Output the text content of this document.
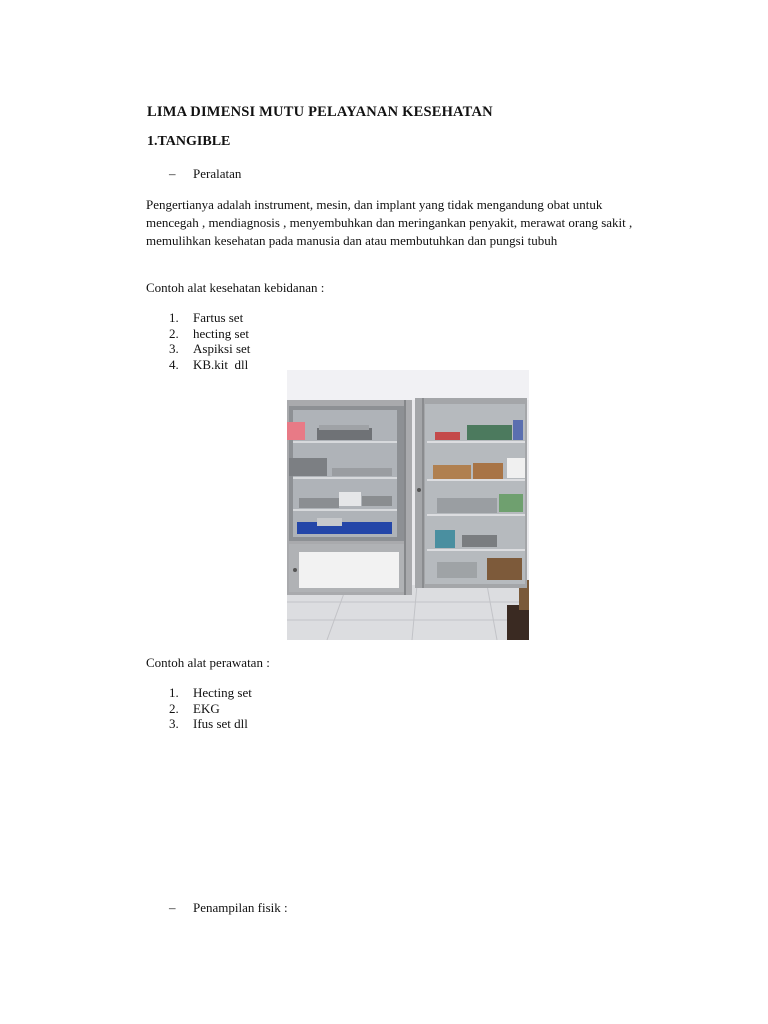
LIMA DIMENSI MUTU PELAYANAN KESEHATAN
1.TANGIBLE
– Peralatan
Pengertianya adalah instrument, mesin, dan implant yang tidak mengandung obat untuk mencegah , mendiagnosis , menyembuhkan dan meringankan penyakit, merawat orang sakit , memulihkan kesehatan pada manusia dan atau membutuhkan dan pungsi tubuh
Contoh alat kesehatan kebidanan :
1.	Fartus set
2.	hecting set
3.	Aspiksi set
4.	KB.kit  dll
Contoh alat perawatan :
1.	Hecting set
2.	EKG
3.	Ifus set dll
– Penampilan fisik :
